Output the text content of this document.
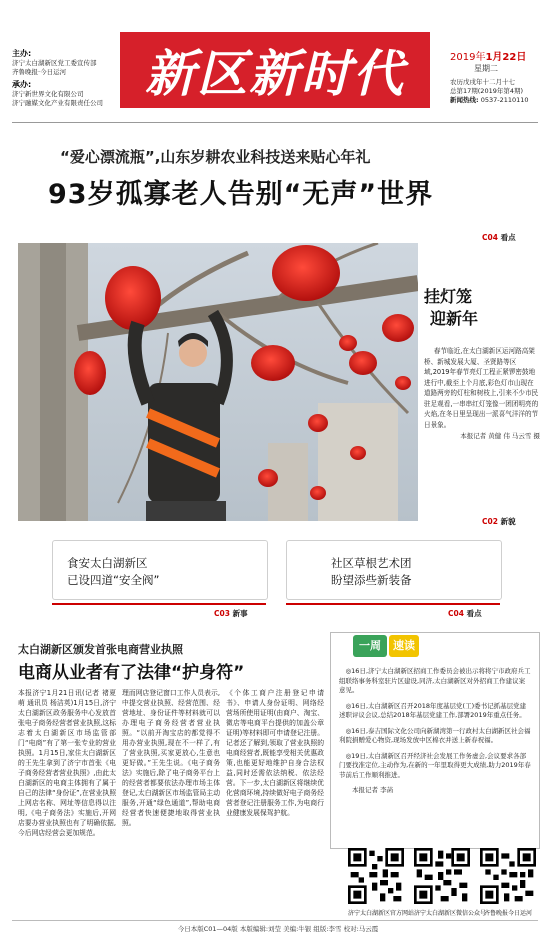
主办:
济宁太白湖新区党工委宣传部
齐鲁晚报·今日运河
承办:
济宁新世界文化有限公司
济宁融媒文化产业有限责任公司 新区新时代	2019年1月22日
星期二
农历戊戌年十二月十七
总第17期(2019年第4期)
新闻热线: 0537-2110110
“爱心漂流瓶”,山东岁耕农业科技送来贴心年礼
93岁孤寡老人告别“无声”世界
C04 看点
挂灯笼
迎新年
春节临近,在太白湖新区运河路高架桥、新城发展大厦、圣贤路等区域,2019年春节亮灯工程正紧锣密鼓地进行中,截至上个月底,彩色灯市山现在道路两旁的灯柱和树枝上,引来不少市民驻足观看,一串串红灯笼像一团团明亮的火焰,在冬日里呈现出一派喜气洋洋的节日景象。
本报记者 黄健 伟 马云雪 摄
C02 新貌
食安太白湖新区
已设四道“安全阀”
C03 新事
社区草根艺术团
盼望添些新装备
C04 看点
太白湖新区颁发首张电商营业执照
电商从业者有了法律“护身符”
本报济宁1月21日讯(记者 褚夏萌 通讯员 杨洁英)1月15日,济宁太白湖新区政务服务中心发放首张电子商务经营者营业执照,这标志着太白湖新区市场监管部门“电商”有了第一张专业的营业执照。1月15日,家住太白湖新区的王先生拿到了济宁市首张《电子商务经营者营业执照》,由此太白湖新区的电商主体拥有了属于自己的法律“身份证”,在营业执照上网店名称、网址等信息得以注明,《电子商务法》实施后,开网店要办营业执照也有了明确依据,今后网店经营会更加规范。
理而网店登记窗口工作人员表示,中提交营业执照、经营范围、经营地址、身份证件等材料就可以办理电子商务经营者营业执照。“以前开淘宝店的都觉得不用办营业执照,现在不一样了,有了营业执照,买家更放心,生意也更好做。”王先生说。《电子商务法》实施后,除了电子商务平台上的经营者都要依法办理市场主体登记,太白湖新区市场监管局主动服务,开通“绿色通道”,帮助电商经营者快速便捷地取得营业执照。
《个体工商户注册登记申请书》、申请人身份证明、网络经营场所使用证明(由商户、淘宝、微店等电商平台提供的加盖公章证明)等材料即可申请登记注册。记者还了解到,领取了营业执照的电商经营者,既能享受相关优惠政策,也能更好地维护自身合法权益,同时还需依法纳税、依法经营。下一步,太白湖新区将继续优化营商环境,持续做好电子商务经营者登记注册服务工作,为电商行业健康发展保驾护航。
一周	速读

◎16日,济宁太白湖新区招商工作委员会被出示将将宁市政府兵工组联络事务科室驻片区建设,同济,太白湖新区对外招商工作建议案意见。

◎16日,太白湖新区召开2018年度基层党(工)委书记抓基层党建述职评议会议,总结2018年基层党建工作,部署2019年重点任务。

◎16日,泰吉国际文化公司向新湖湾第一行政村太白湖新区社会福利院捐赠爱心物资,现场发放中区棉衣并送上新春祝福。

◎19日,太白湖新区召开经济社会发展工作务虚会,会议要求各部门要找准定位,主动作为,在新的一年里取得更大成绩,助力2019年春节前后工作顺利推进。

本报记者 李菡

济宁太白湖新区官方网站 济宁太白湖新区微信公众号
齐鲁晚报今日运河
今日本版C01—04版 本版编辑:刘莹 美编:牛银 组版:李雪 校对:马云霞
